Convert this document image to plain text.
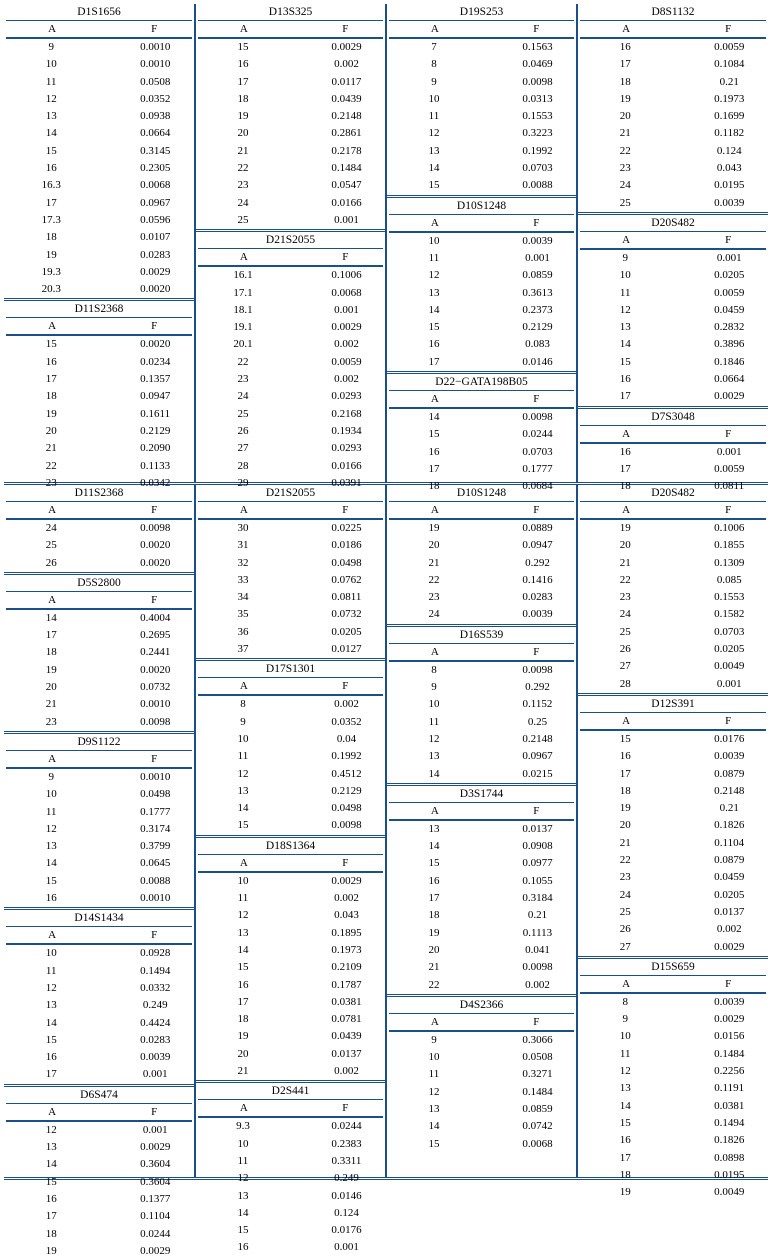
D1S1656
A	F
9	0.0010
10	0.0010
11	0.0508
12	0.0352
13	0.0938
14	0.0664
15	0.3145
16	0.2305
16.3	0.0068
17	0.0967
17.3	0.0596
18	0.0107
19	0.0283
19.3	0.0029
20.3	0.0020
D11S2368
A	F
15	0.0020
16	0.0234
17	0.1357
18	0.0947
19	0.1611
20	0.2129
21	0.2090
22	0.1133
23	0.0342
D13S325
A	F
15	0.0029
16	0.002
17	0.0117
18	0.0439
19	0.2148
20	0.2861
21	0.2178
22	0.1484
23	0.0547
24	0.0166
25	0.001
D21S2055
A	F
16.1	0.1006
17.1	0.0068
18.1	0.001
19.1	0.0029
20.1	0.002
22	0.0059
23	0.002
24	0.0293
25	0.2168
26	0.1934
27	0.0293
28	0.0166
29	0.0391
D19S253
A	F
7	0.1563
8	0.0469
9	0.0098
10	0.0313
11	0.1553
12	0.3223
13	0.1992
14	0.0703
15	0.0088
D10S1248
A	F
10	0.0039
11	0.001
12	0.0859
13	0.3613
14	0.2373
15	0.2129
16	0.083
17	0.0146
D22−GATA198B05
A	F
14	0.0098
15	0.0244
16	0.0703
17	0.1777
18	0.0684
D8S1132
A	F
16	0.0059
17	0.1084
18	0.21
19	0.1973
20	0.1699
21	0.1182
22	0.124
23	0.043
24	0.0195
25	0.0039
D20S482
A	F
9	0.001
10	0.0205
11	0.0059
12	0.0459
13	0.2832
14	0.3896
15	0.1846
16	0.0664
17	0.0029
D7S3048
A	F
16	0.001
17	0.0059
18	0.0811
D11S2368
A	F
24	0.0098
25	0.0020
26	0.0020
D5S2800
A	F
14	0.4004
17	0.2695
18	0.2441
19	0.0020
20	0.0732
21	0.0010
23	0.0098
D9S1122
A	F
9	0.0010
10	0.0498
11	0.1777
12	0.3174
13	0.3799
14	0.0645
15	0.0088
16	0.0010
D14S1434
A	F
10	0.0928
11	0.1494
12	0.0332
13	0.249
14	0.4424
15	0.0283
16	0.0039
17	0.001
D6S474
A	F
12	0.001
13	0.0029
14	0.3604
15	0.3604
16	0.1377
17	0.1104
18	0.0244
19	0.0029
D21S2055
A	F
30	0.0225
31	0.0186
32	0.0498
33	0.0762
34	0.0811
35	0.0732
36	0.0205
37	0.0127
D17S1301
A	F
8	0.002
9	0.0352
10	0.04
11	0.1992
12	0.4512
13	0.2129
14	0.0498
15	0.0098
D18S1364
A	F
10	0.0029
11	0.002
12	0.043
13	0.1895
14	0.1973
15	0.2109
16	0.1787
17	0.0381
18	0.0781
19	0.0439
20	0.0137
21	0.002
D2S441
A	F
9.3	0.0244
10	0.2383
11	0.3311
12	0.249
13	0.0146
14	0.124
15	0.0176
16	0.001
D10S1248
A	F
19	0.0889
20	0.0947
21	0.292
22	0.1416
23	0.0283
24	0.0039
D16S539
A	F
8	0.0098
9	0.292
10	0.1152
11	0.25
12	0.2148
13	0.0967
14	0.0215
D3S1744
A	F
13	0.0137
14	0.0908
15	0.0977
16	0.1055
17	0.3184
18	0.21
19	0.1113
20	0.041
21	0.0098
22	0.002
D4S2366
A	F
9	0.3066
10	0.0508
11	0.3271
12	0.1484
13	0.0859
14	0.0742
15	0.0068
D20S482
A	F
19	0.1006
20	0.1855
21	0.1309
22	0.085
23	0.1553
24	0.1582
25	0.0703
26	0.0205
27	0.0049
28	0.001
D12S391
A	F
15	0.0176
16	0.0039
17	0.0879
18	0.2148
19	0.21
20	0.1826
21	0.1104
22	0.0879
23	0.0459
24	0.0205
25	0.0137
26	0.002
27	0.0029
D15S659
A	F
8	0.0039
9	0.0029
10	0.0156
11	0.1484
12	0.2256
13	0.1191
14	0.0381
15	0.1494
16	0.1826
17	0.0898
18	0.0195
19	0.0049
